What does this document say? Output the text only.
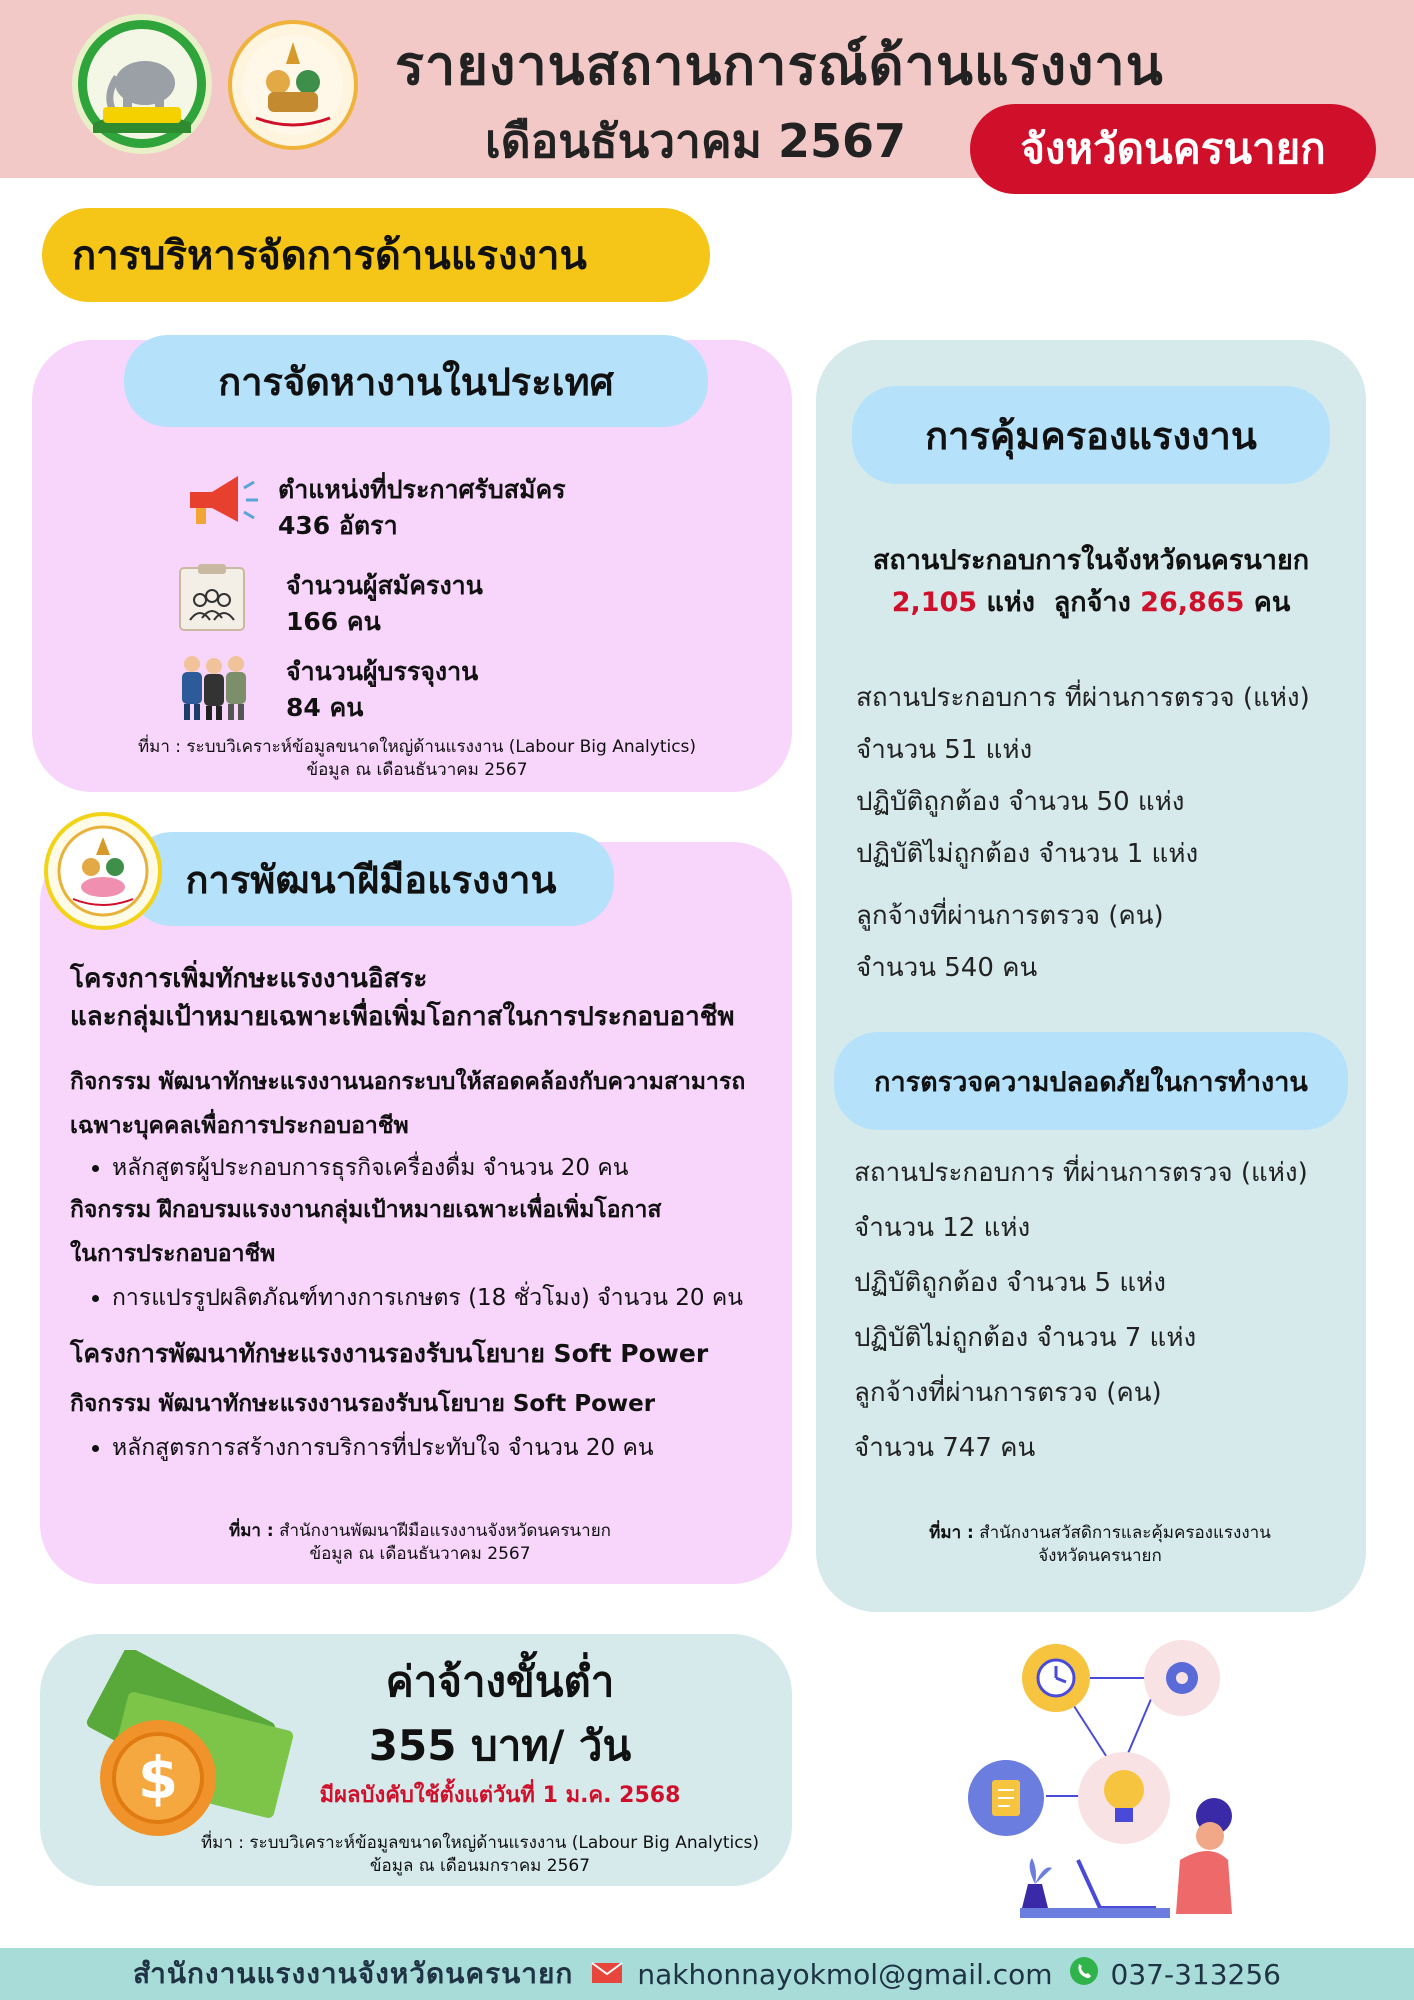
รายงานสถานการณ์ด้านแรงงาน
เดือนธันวาคม 2567	จังหวัดนครนายก
การบริหารจัดการด้านแรงงาน
การจัดหางานในประเทศ
ตำแหน่งที่ประกาศรับสมัคร
436 อัตรา
จำนวนผู้สมัครงาน
166 คน
จำนวนผู้บรรจุงาน
84 คน
ที่มา : ระบบวิเคราะห์ข้อมูลขนาดใหญ่ด้านแรงงาน (Labour Big Analytics)
ข้อมูล ณ เดือนธันวาคม 2567
การพัฒนาฝีมือแรงงาน
โครงการเพิ่มทักษะแรงงานอิสระ
และกลุ่มเป้าหมายเฉพาะเพื่อเพิ่มโอกาสในการประกอบอาชีพ
กิจกรรม พัฒนาทักษะแรงงานนอกระบบให้สอดคล้องกับความสามารถ
เฉพาะบุคคลเพื่อการประกอบอาชีพ
• หลักสูตรผู้ประกอบการธุรกิจเครื่องดื่ม จำนวน 20 คน
กิจกรรม ฝึกอบรมแรงงานกลุ่มเป้าหมายเฉพาะเพื่อเพิ่มโอกาส
ในการประกอบอาชีพ
• การแปรรูปผลิตภัณฑ์ทางการเกษตร (18 ชั่วโมง) จำนวน 20 คน
โครงการพัฒนาทักษะแรงงานรองรับนโยบาย Soft Power
กิจกรรม พัฒนาทักษะแรงงานรองรับนโยบาย Soft Power
• หลักสูตรการสร้างการบริการที่ประทับใจ จำนวน 20 คน
ที่มา : สำนักงานพัฒนาฝีมือแรงงานจังหวัดนครนายก
ข้อมูล ณ เดือนธันวาคม 2567
การคุ้มครองแรงงาน
สถานประกอบการในจังหวัดนครนายก
2,105 แห่ง ลูกจ้าง 26,865 คน
สถานประกอบการ ที่ผ่านการตรวจ (แห่ง)
จำนวน 51 แห่ง
ปฏิบัติถูกต้อง จำนวน 50 แห่ง
ปฏิบัติไม่ถูกต้อง จำนวน 1 แห่ง
ลูกจ้างที่ผ่านการตรวจ (คน)
จำนวน 540 คน
การตรวจความปลอดภัยในการทำงาน
สถานประกอบการ ที่ผ่านการตรวจ (แห่ง)
จำนวน 12 แห่ง
ปฏิบัติถูกต้อง จำนวน 5 แห่ง
ปฏิบัติไม่ถูกต้อง จำนวน 7 แห่ง
ลูกจ้างที่ผ่านการตรวจ (คน)
จำนวน 747 คน
ที่มา : สำนักงานสวัสดิการและคุ้มครองแรงงาน
จังหวัดนครนายก
$
ค่าจ้างขั้นต่ำ
355 บาท/ วัน
มีผลบังคับใช้ตั้งแต่วันที่ 1 ม.ค. 2568
ที่มา : ระบบวิเคราะห์ข้อมูลขนาดใหญ่ด้านแรงงาน (Labour Big Analytics)
ข้อมูล ณ เดือนมกราคม 2567
สำนักงานแรงงานจังหวัดนครนายก nakhonnayokmol@gmail.com 037-313256
